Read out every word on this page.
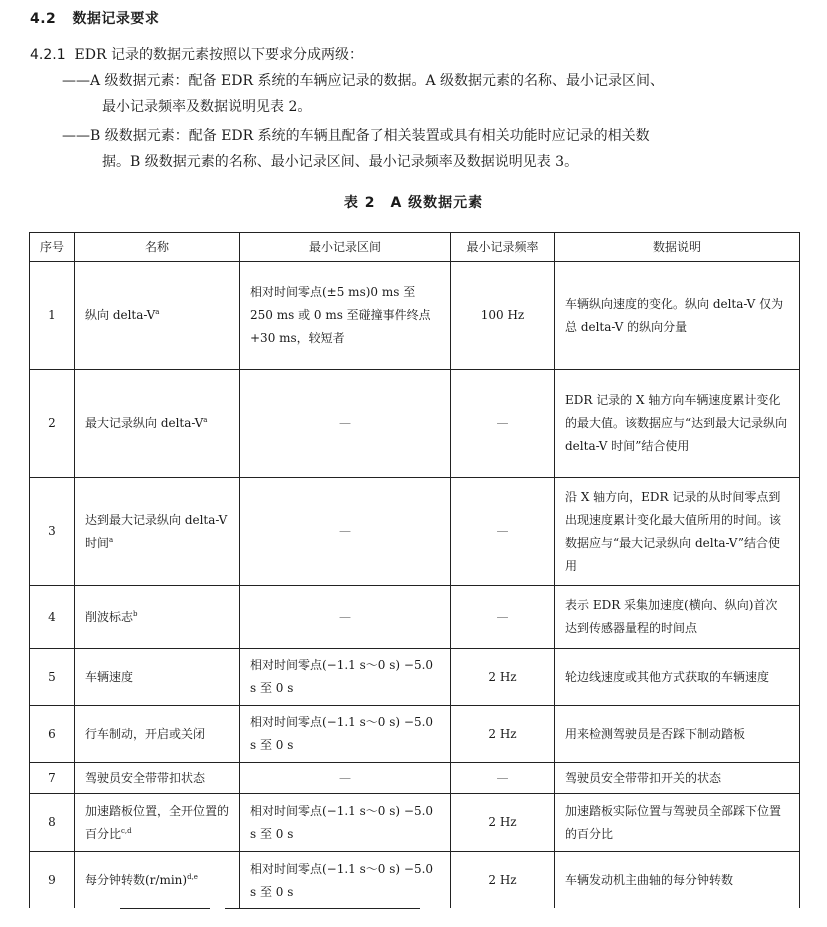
4.2 数据记录要求
4.2.1 EDR 记录的数据元素按照以下要求分成两级：
——A 级数据元素：配备 EDR 系统的车辆应记录的数据。A 级数据元素的名称、最小记录区间、
最小记录频率及数据说明见表 2。
——B 级数据元素：配备 EDR 系统的车辆且配备了相关装置或具有相关功能时应记录的相关数
据。B 级数据元素的名称、最小记录区间、最小记录频率及数据说明见表 3。
表 2　A 级数据元素
序号	名称	最小记录区间	最小记录频率	数据说明
1	纵向 delta-$V^a$	相对时间零点(±5 ms)0 ms 至 250 ms 或 0 ms 至碰撞事件终点+30 ms，较短者	100 Hz	车辆纵向速度的变化。纵向 delta-V 仅为总 delta-V 的纵向分量
2	最大记录纵向 delta-$V^a$	—	—	EDR 记录的 X 轴方向车辆速度累计变化的最大值。该数据应与“达到最大记录纵向 delta-V 时间”结合使用
3	达到最大记录纵向 delta-V 时间$^a$	—	—	沿 X 轴方向，EDR 记录的从时间零点到出现速度累计变化最大值所用的时间。该数据应与“最大记录纵向 delta-V”结合使用
4	削波标志$^b$	—	—	表示 EDR 采集加速度(横向、纵向)首次达到传感器量程的时间点
5	车辆速度	相对时间零点(−1.1 s～0 s) −5.0 s 至 0 s	2 Hz	轮边线速度或其他方式获取的车辆速度
6	行车制动，开启或关闭	相对时间零点(−1.1 s～0 s) −5.0 s 至 0 s	2 Hz	用来检测驾驶员是否踩下制动踏板
7	驾驶员安全带带扣状态	—	—	驾驶员安全带带扣开关的状态
8	加速踏板位置，全开位置的百分比$^{c,d}$	相对时间零点(−1.1 s～0 s) −5.0 s 至 0 s	2 Hz	加速踏板实际位置与驾驶员全部踩下位置的百分比
9	每分钟转数$(r/\min)^{d,e}$	相对时间零点(−1.1 s～0 s) −5.0 s 至 0 s	2 Hz	车辆发动机主曲轴的每分钟转数
